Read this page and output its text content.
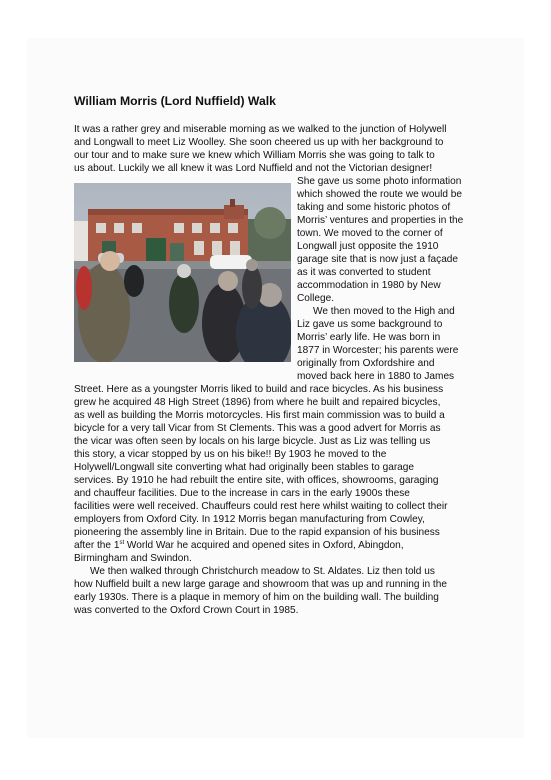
William Morris (Lord Nuffield) Walk
It was a rather grey and miserable morning as we walked to the junction of Holywell
and Longwall to meet Liz Woolley. She soon cheered us up with her background to
our tour and to make sure we knew which William Morris she was going to talk to
us about. Luckily we all knew it was Lord Nuffield and not the Victorian designer!
She gave us some photo information
which showed the route we would be
taking and some historic photos of
Morris’ ventures and properties in the
town. We moved to the corner of
Longwall just opposite the 1910
garage site that is now just a façade
as it was converted to student
accommodation in 1980 by New
College.
We then moved to the High and
Liz gave us some background to
Morris’ early life. He was born in
1877 in Worcester; his parents were
originally from Oxfordshire and
moved back here in 1880 to James
Street. Here as a youngster Morris liked to build and race bicycles. As his business
grew he acquired 48 High Street (1896) from where he built and repaired bicycles,
as well as building the Morris motorcycles. His first main commission was to build a
bicycle for a very tall Vicar from St Clements. This was a good advert for Morris as
the vicar was often seen by locals on his large bicycle. Just as Liz was telling us
this story, a vicar stopped by us on his bike!! By 1903 he moved to the
Holywell/Longwall site converting what had originally been stables to garage
services. By 1910 he had rebuilt the entire site, with offices, showrooms, garaging
and chauffeur facilities. Due to the increase in cars in the early 1900s these
facilities were well received. Chauffeurs could rest here whilst waiting to collect their
employers from Oxford City. In 1912 Morris began manufacturing from Cowley,
pioneering the assembly line in Britain. Due to the rapid expansion of his business
after the 1st World War he acquired and opened sites in Oxford, Abingdon,
Birmingham and Swindon.
We then walked through Christchurch meadow to St. Aldates. Liz then told us
how Nuffield built a new large garage and showroom that was up and running in the
early 1930s. There is a plaque in memory of him on the building wall. The building
was converted to the Oxford Crown Court in 1985.
